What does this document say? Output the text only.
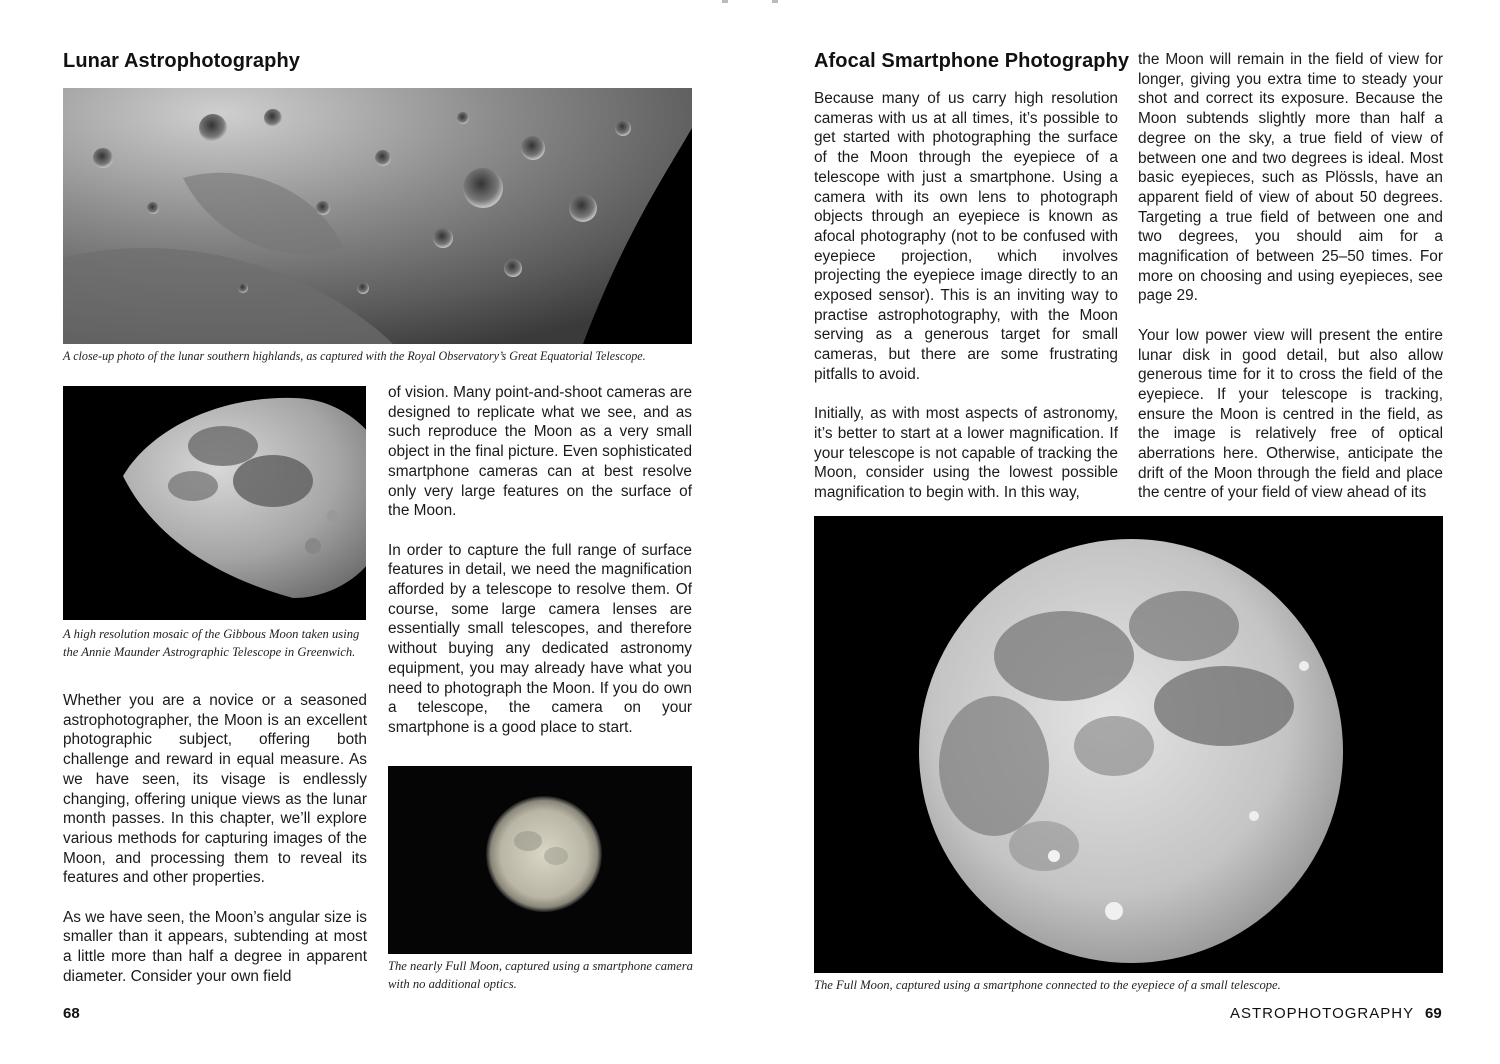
Lunar Astrophotography

A close-up photo of the lunar southern highlands, as captured with the Royal Observatory’s Great Equatorial Telescope.

A high resolution mosaic of the Gibbous Moon taken using the Annie Maunder Astrographic Telescope in Greenwich.

Whether you are a novice or a seasoned astrophotographer, the Moon is an excellent photographic subject, offering both challenge and reward in equal measure. As we have seen, its visage is endlessly changing, offering unique views as the lunar month passes. In this chapter, we’ll explore various methods for capturing images of the Moon, and processing them to reveal its features and other properties.

As we have seen, the Moon’s angular size is smaller than it appears, subtending at most a little more than half a degree in apparent diameter. Consider your own field

of vision. Many point-and-shoot cameras are designed to replicate what we see, and as such reproduce the Moon as a very small object in the final picture. Even sophisticated smartphone cameras can at best resolve only very large features on the surface of the Moon.

In order to capture the full range of surface features in detail, we need the magnification afforded by a telescope to resolve them. Of course, some large camera lenses are essentially small telescopes, and therefore without buying any dedicated astronomy equipment, you may already have what you need to photograph the Moon. If you do own a telescope, the camera on your smartphone is a good place to start.

The nearly Full Moon, captured using a smartphone camera with no additional optics.

68
Afocal Smartphone Photography

Because many of us carry high resolution cameras with us at all times, it’s possible to get started with photographing the surface of the Moon through the eyepiece of a telescope with just a smartphone. Using a camera with its own lens to photograph objects through an eyepiece is known as afocal photography (not to be confused with eyepiece projection, which involves projecting the eyepiece image directly to an exposed sensor). This is an inviting way to practise astrophotography, with the Moon serving as a generous target for small cameras, but there are some frustrating pitfalls to avoid.

Initially, as with most aspects of astronomy, it’s better to start at a lower magnification. If your telescope is not capable of tracking the Moon, consider using the lowest possible magnification to begin with. In this way,

the Moon will remain in the field of view for longer, giving you extra time to steady your shot and correct its exposure. Because the Moon subtends slightly more than half a degree on the sky, a true field of view of between one and two degrees is ideal. Most basic eyepieces, such as Plössls, have an apparent field of view of about 50 degrees. Targeting a true field of between one and two degrees, you should aim for a magnification of between 25–50 times. For more on choosing and using eyepieces, see page 29.

Your low power view will present the entire lunar disk in good detail, but also allow generous time for it to cross the field of the eyepiece. If your telescope is tracking, ensure the Moon is centred in the field, as the image is relatively free of optical aberrations here. Otherwise, anticipate the drift of the Moon through the field and place the centre of your field of view ahead of its

The Full Moon, captured using a smartphone connected to the eyepiece of a small telescope.

ASTROPHOTOGRAPHY 69
